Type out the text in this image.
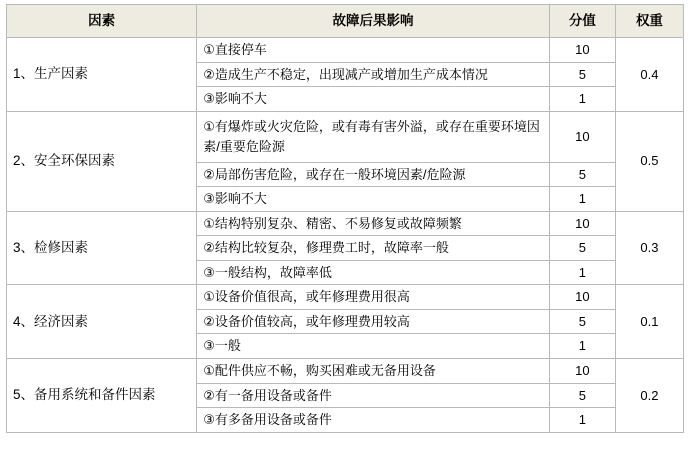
因素	故障后果影响	分值	权重
1、生产因素	①直接停车	10	0.4
	②造成生产不稳定，出现减产或增加生产成本情况	5	
	③影响不大	1	
2、安全环保因素	①有爆炸或火灾危险，或有毒有害外溢，或存在重要环境因素/重要危险源	10	0.5
	②局部伤害危险，或存在一般环境因素/危险源	5	
	③影响不大	1	
3、检修因素	①结构特别复杂、精密、不易修复或故障频繁	10	0.3
	②结构比较复杂，修理费工时，故障率一般	5	
	③一般结构，故障率低	1	
4、经济因素	①设备价值很高，或年修理费用很高	10	0.1
	②设备价值较高，或年修理费用较高	5	
	③一般	1	
5、备用系统和备件因素	①配件供应不畅，购买困难或无备用设备	10	0.2
	②有一备用设备或备件	5	
	③有多备用设备或备件	1	
